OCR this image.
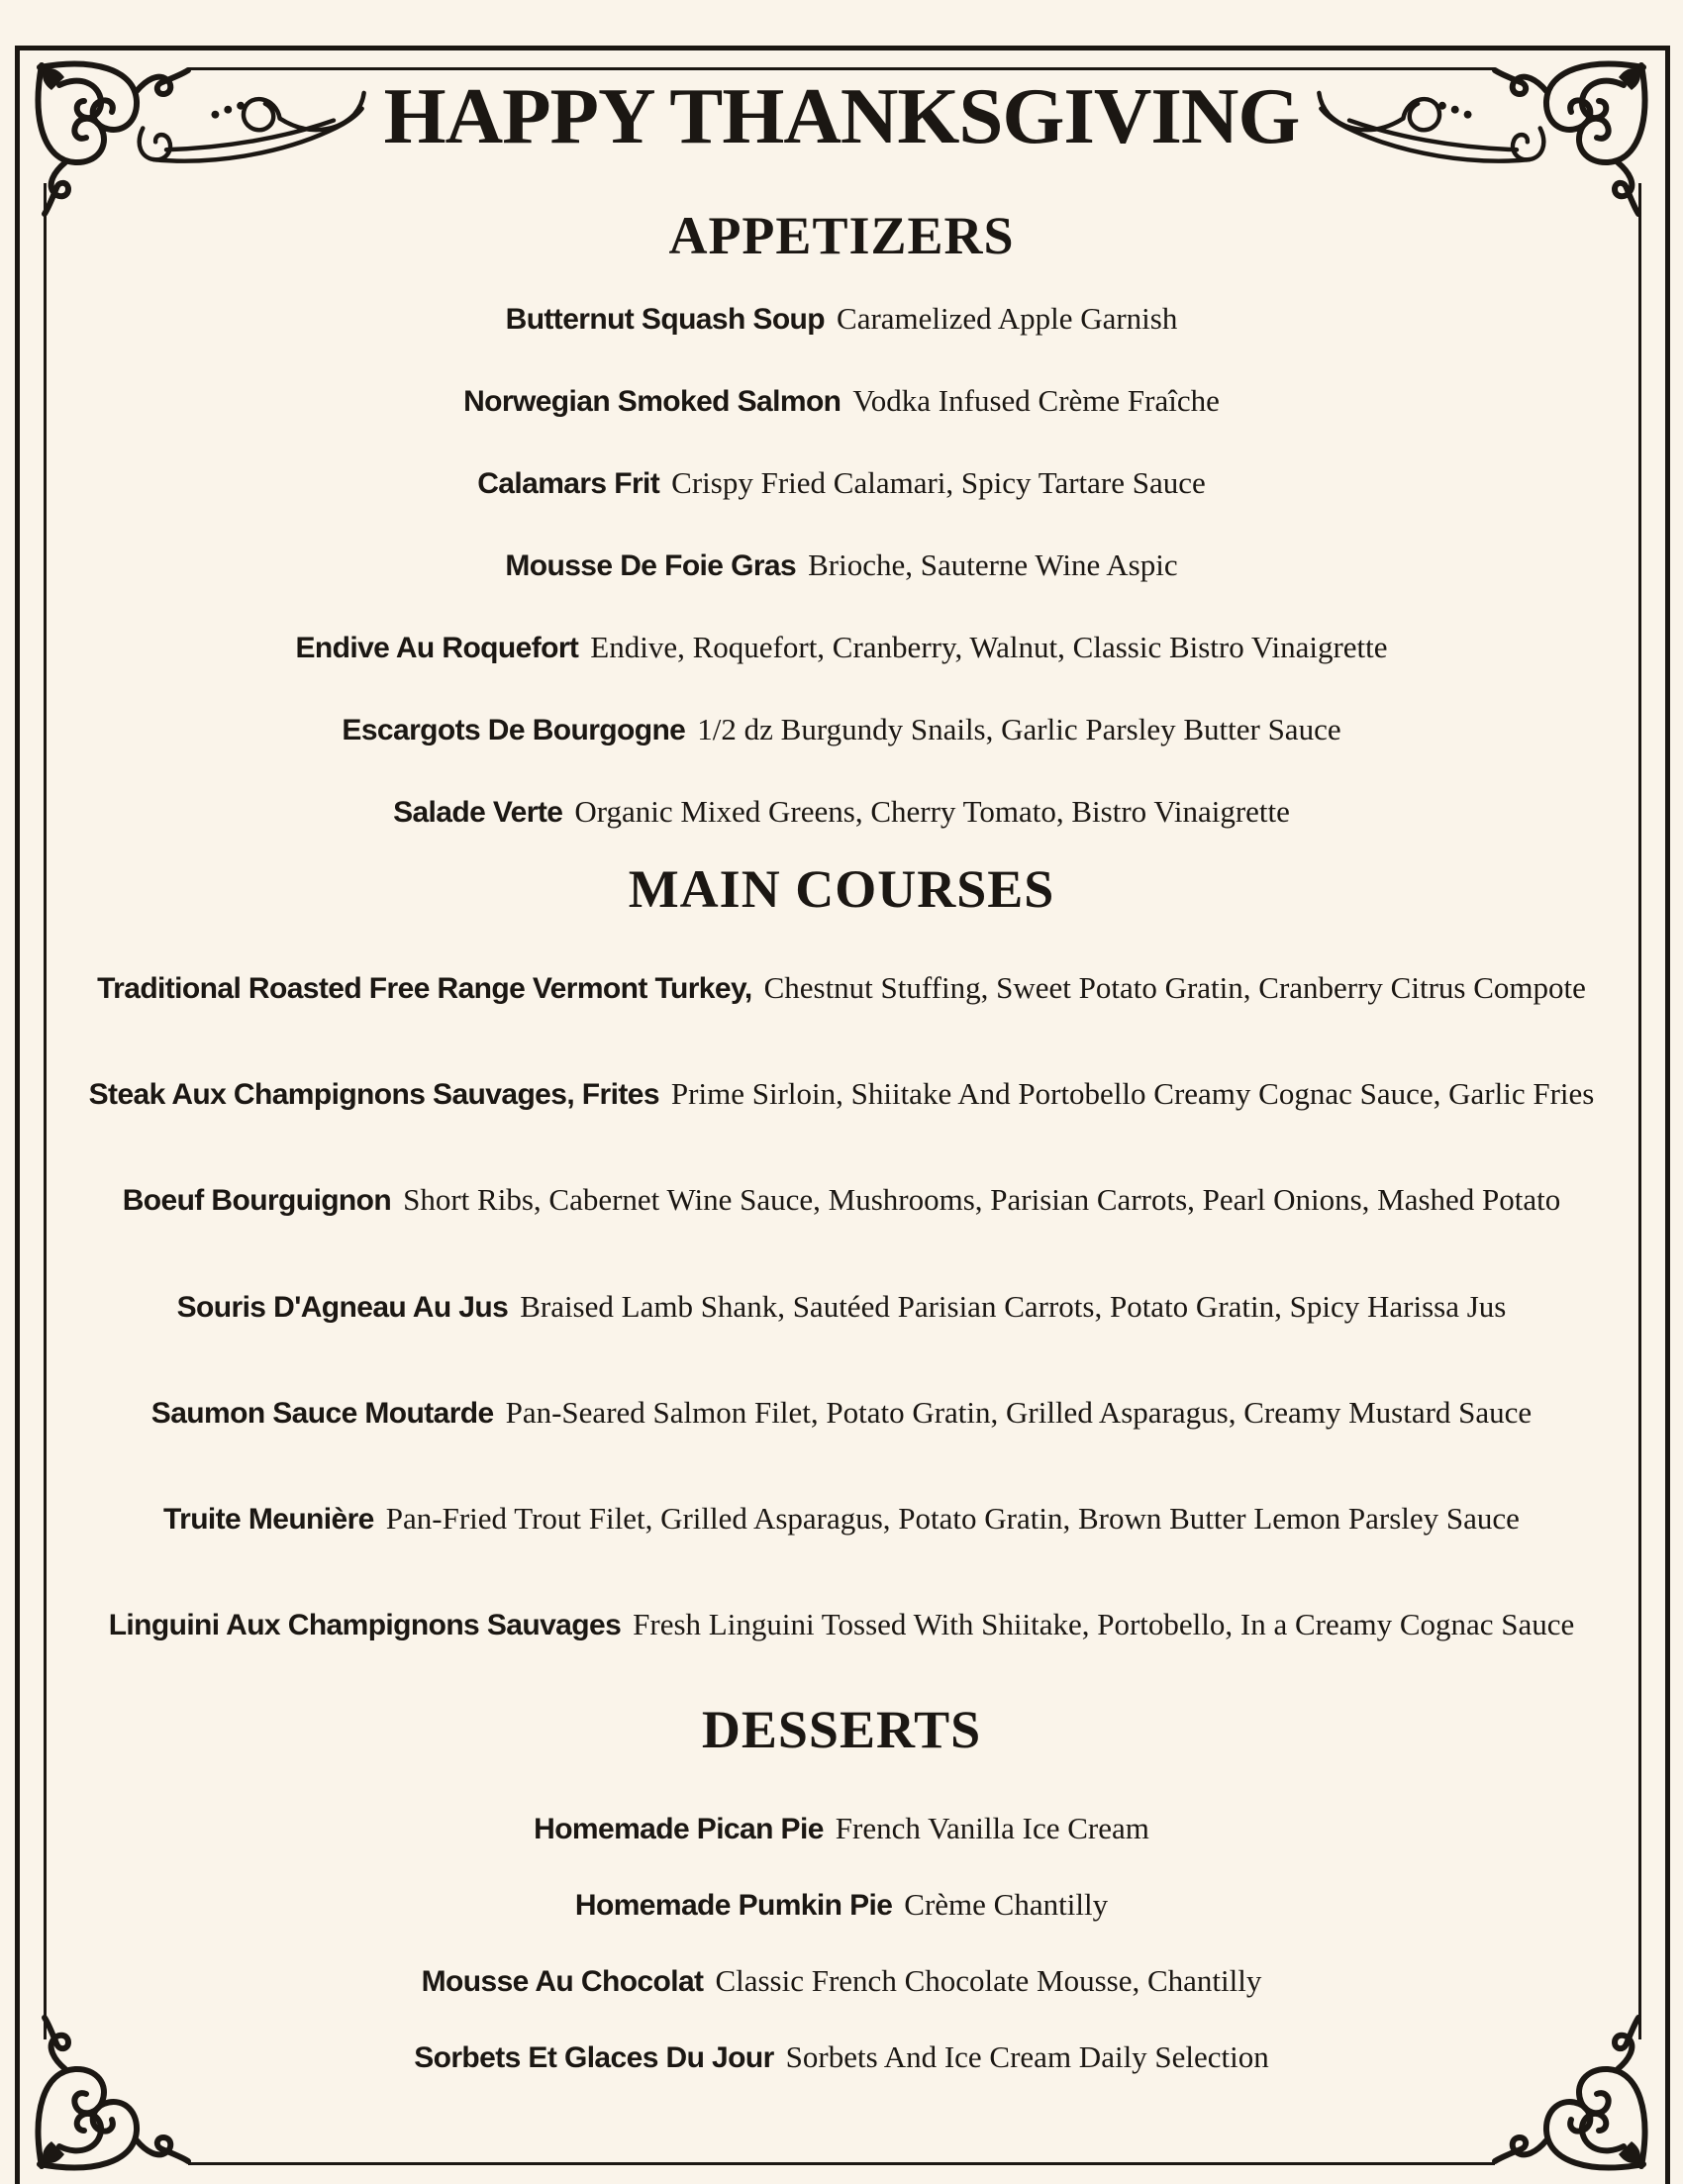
HAPPY THANKSGIVING
APPETIZERS
Butternut Squash Soup Caramelized Apple Garnish
Norwegian Smoked Salmon Vodka Infused Crème Fraîche
Calamars Frit Crispy Fried Calamari, Spicy Tartare Sauce
Mousse De Foie Gras Brioche, Sauterne Wine Aspic
Endive Au Roquefort Endive, Roquefort, Cranberry, Walnut, Classic Bistro Vinaigrette
Escargots De Bourgogne 1/2 dz Burgundy Snails, Garlic Parsley Butter Sauce
Salade Verte Organic Mixed Greens, Cherry Tomato, Bistro Vinaigrette
MAIN COURSES
Traditional Roasted Free Range Vermont Turkey, Chestnut Stuffing, Sweet Potato Gratin, Cranberry Citrus Compote
Steak Aux Champignons Sauvages, Frites Prime Sirloin, Shiitake And Portobello Creamy Cognac Sauce, Garlic Fries
Boeuf Bourguignon Short Ribs, Cabernet Wine Sauce, Mushrooms, Parisian Carrots, Pearl Onions, Mashed Potato
Souris D'Agneau Au Jus Braised Lamb Shank, Sautéed Parisian Carrots, Potato Gratin, Spicy Harissa Jus
Saumon Sauce Moutarde Pan-Seared Salmon Filet, Potato Gratin, Grilled Asparagus, Creamy Mustard Sauce
Truite Meunière Pan-Fried Trout Filet, Grilled Asparagus, Potato Gratin, Brown Butter Lemon Parsley Sauce
Linguini Aux Champignons Sauvages Fresh Linguini Tossed With Shiitake, Portobello, In a Creamy Cognac Sauce
DESSERTS
Homemade Pican Pie French Vanilla Ice Cream
Homemade Pumkin Pie Crème Chantilly
Mousse Au Chocolat Classic French Chocolate Mousse, Chantilly
Sorbets Et Glaces Du Jour Sorbets And Ice Cream Daily Selection
